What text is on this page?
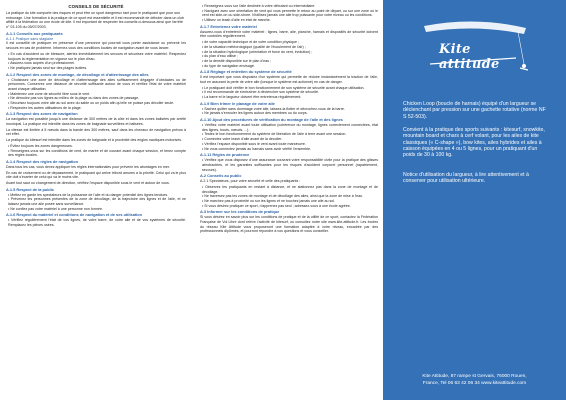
CONSEILS DE SÉCURITÉ

La pratique du kite comporte des risques et peut être un sport dangereux tant pour le pratiquant que pour son entourage. Une formation à la pratique de ce sport est essentielle et il est recommandé de débuter dans un club affilié à la fédération ou une école de kite. Il est important de respecter les conseils ci-dessous ainsi que l'arrêté n° 03-105 du 05/07/2003.

A.1.1 Conseils aux pratiquants

A.1.1 Pratique sans stagiaire

Il est conseillé de pratiquer en présence d'une personne qui pourrait vous porter assistance ou prévenir les secours en cas de problème. Informez-vous des conditions locales de navigation avant de vous lancer.

• En cas d'accident ou de blessure, alertez immédiatement les secours et sécurisez votre matériel. Respectez toujours la réglementation en vigueur sur le plan d'eau.

• Assurez-vous auprès d'un professionnel.

• Ne pratiquez jamais seul sur des plages isolées.

A.1.2 Respect des zones de montage, de décollage et d'atterrissage des ailes

• Choisissez une zone de décollage et d'atterrissage des ailes suffisamment dégagée d'obstacles ou de personnes. Conservez une distance de sécurité suffisante autour de vous et vérifiez l'état de votre matériel avant chaque utilisation.

• Maintenez une zone de sécurité libre sous le vent.

• Ne déroulez pas vos lignes au milieu de la plage ou dans des zones de passage.

• Sécurisez toujours votre aile au sol avec du sable ou un poids afin qu'elle ne puisse pas décoller seule.

• Respectez les autres utilisateurs de la plage.

A.1.3 Respect des zones de navigation

La navigation est possible jusqu'à une distance de 300 mètres de la côte et dans les zones balisées par arrêté municipal. La pratique est interdite dans les zones de baignade surveillées et balisées.

La vitesse est limitée à 5 nœuds dans la bande des 300 mètres, sauf dans les chenaux de navigation prévus à cet effet.

La pratique du kitesurf est interdite dans les zones de baignade et à proximité des engins nautiques motorisés.

• Évitez toujours les zones dangereuses.

• Renseignez-vous sur les conditions de vent, de marée et de courant avant chaque session, et tenez compte des règles locales.

A.1.4 Respect des règles de navigation

Dans tous les cas, vous devez appliquer les règles internationales pour prévenir les abordages en mer.

En cas de croisement ou de dépassement, le pratiquant qui arrive tribord amures a la priorité. Celui qui va le plus vite doit s'écarter de celui qui va le moins vite.

Avant tout saut ou changement de direction, vérifiez l'espace disponible sous le vent et autour de vous.

A.1.5 Respect de la public

• Mettez en garde les spectateurs de la puissance de l'aile et du danger potentiel des lignes tendues.

• Prévenez les personnes présentes de la zone de décollage, de la trajectoire des lignes et de l'aile, et ne laissez jamais une aile posée sans surveillance.

• Ne confiez pas votre matériel à une personne non formée.

A.1.6 Respect du matériel et conditions de navigation et de ses utilisation

• Vérifiez régulièrement l'état de vos lignes, de votre barre, de votre aile et de vos systèmes de sécurité. Remplacez les pièces usées.

• Renseignez-vous sur l'aile destinée à votre débutant ou intermédiaire.

• Naviguez avec une orientation de vent qui vous permette le retour au point de départ, ou sur une zone où le vent est side-on ou side-shore. N'utilisez jamais une aile trop puissante pour votre niveau ou les conditions.

• Utilisez un leash d'aile en état de marche.

A.1.7 Entretenez votre matériel

Assurez-vous d'entretenir votre matériel : lignes, barre, aile, planche, harnais et dispositifs de sécurité doivent être contrôlés régulièrement.

• de votre capacité technique et de votre condition physique ;

• de la situation météorologique (qualité de l'écoulement de l'air) ;

• de la situation hydrologique (orientation et force du vent, évolution) ;

• du plan d'eau utilisé ;

• de la densité disponible sur le plan d'eau ;

• du type de navigation envisagé.

A.1.8 Réglage et entretien du système de sécurité

Il est important que vous disposiez d'un système qui permette de réduire instantanément la traction de l'aile, tout en assurant la perte de votre aile (lorsque le système est actionné) en cas de danger.

• Le pratiquant doit vérifier le bon fonctionnement de son système de sécurité avant chaque utilisation.

• Il est recommandé de s'entraîner à déclencher son système de sécurité.

• La barre et le largueur doivent être entretenus régulièrement.

A.1.9 Bien trimer le planage de votre aile

• Sachez quitter sans dommage votre aile, laissez-la flotter et décrochez-vous de la barre.

• Ne jamais s'enrouler les lignes autour des membres ou du corps.

A.1.10 Ajout des procédures de vérification du montage de l'aile et des lignes

• Vérifiez votre matériel avant toute utilisation (cohérence du montage, lignes correctement connectées, état des lignes, bouts, nœuds, ...).

• Testez le bon fonctionnement du système de libération de l'aile à terre avant une session.

• Connectez votre leash d'aile avant de la décoller.

• Vérifiez l'espace disponible sous le vent avant toute manœuvre.

• Ne vous connectez jamais au harnais sans avoir vérifié l'ensemble.

A.1.11 Règles de prudence

• Vérifiez que vous disposez d'une assurance couvrant votre responsabilité civile pour la pratique des glisses aérotractées, et les garanties suffisantes pour les risques d'accident corporel personnel (rapatriement, secours).

A.2 Conseils au public

A.2.1 Spectateurs, pour votre sécurité et celle des pratiquants :

• Observez les pratiquants en restant à distance, et ne stationnez pas dans la zone de montage et de décollage.

• Ne traversez pas les zones de montage et de décollage des ailes, ainsi que la zone de mise à l'eau.

• Ne marchez pas à proximité ou sur les lignes et ne touchez jamais une aile au sol.

• Si vous désirez pratiquer ce sport, n'apprenez pas seul ; adressez-vous à une école agréée.

A.3 Informer sur les conditions de pratique

Si vous désirez en savoir plus sur les conditions de pratique et de la utilité de ce sport, contactez la Fédération Française de Vol Libre dont relève l'activité de kitesurf, ou consultez notre site www.kite-attitude.fr. Les écoles du réseau Kite Attitude vous proposeront une formation adaptée à votre niveau, encadrée par des professionnels diplômés, et pourront répondre à vos questions et vous conseiller.

Kite attitude

Chicken Loop (boucle de harnais) équipé d'un largueur se déclenchant par pression sur une gachette rotative (norme NF S 52-503).

Convient à la pratique des sports suivants : kitesurf, snowkite, mountain board et chars à cerf volant, pour les ailes de kite classiques (« C-shape »), bow kites, ailes hybrides et ailes à caisson équipées en 4 ou 5 lignes, pour un pratiquant d'un poids de 30 à 100 kg.

Notice d'utilisation du largueur, à lire attentivement et à conserver pour utilisation ultérieure.

Kite Attitude, 87 rampe st Gervais, 76000 Rouen,
France, Tel 06 63 42 06 34 www.kiteattitude.com
